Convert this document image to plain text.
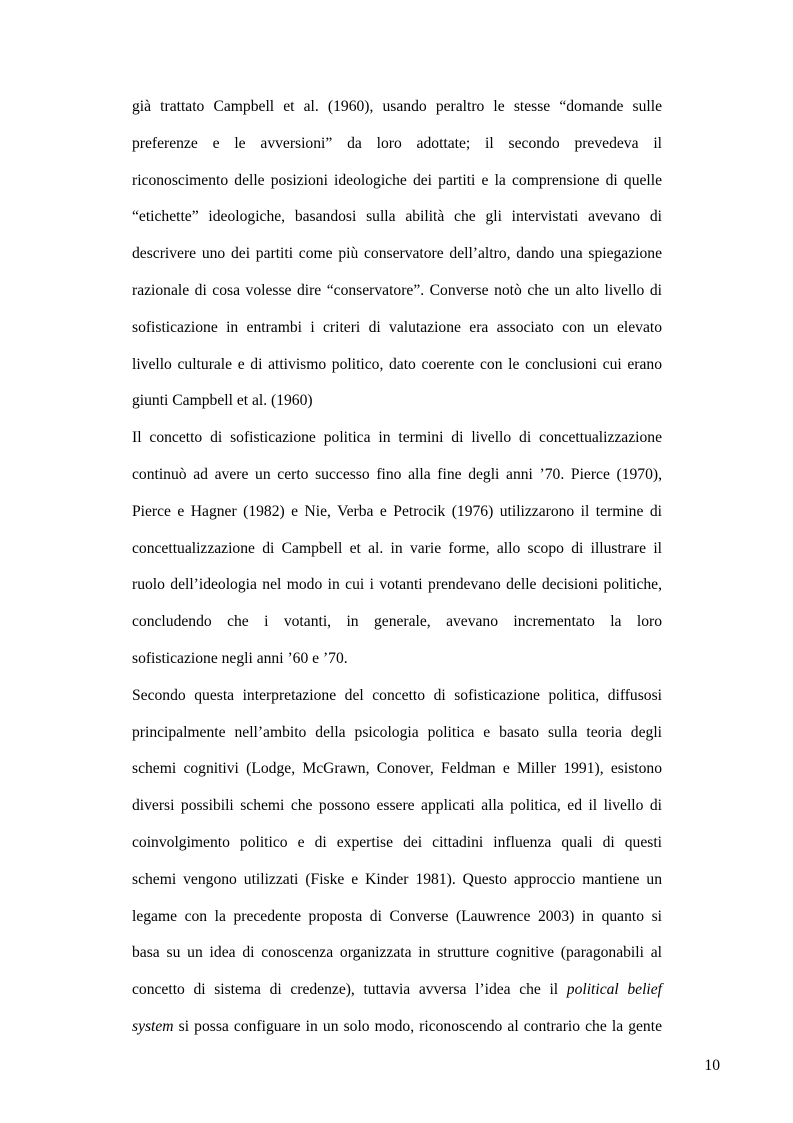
già trattato Campbell et al. (1960), usando peraltro le stesse “domande sulle
preferenze e le avversioni” da loro adottate; il secondo prevedeva il
riconoscimento delle posizioni ideologiche dei partiti e la comprensione di quelle
“etichette” ideologiche, basandosi sulla abilità che gli intervistati avevano di
descrivere uno dei partiti come più conservatore dell’altro, dando una spiegazione
razionale di cosa volesse dire “conservatore”. Converse notò che un alto livello di
sofisticazione in entrambi i criteri di valutazione era associato con un elevato
livello culturale e di attivismo politico, dato coerente con le conclusioni cui erano
giunti Campbell et al. (1960)
Il concetto di sofisticazione politica in termini di livello di concettualizzazione
continuò ad avere un certo successo fino alla fine degli anni ’70. Pierce (1970),
Pierce e Hagner (1982) e Nie, Verba e Petrocik (1976) utilizzarono il termine di
concettualizzazione di Campbell et al. in varie forme, allo scopo di illustrare il
ruolo dell’ideologia nel modo in cui i votanti prendevano delle decisioni politiche,
concludendo che i votanti, in generale, avevano incrementato la loro
sofisticazione negli anni ’60 e ’70.
Secondo questa interpretazione del concetto di sofisticazione politica, diffusosi
principalmente nell’ambito della psicologia politica e basato sulla teoria degli
schemi cognitivi (Lodge, McGrawn, Conover, Feldman e Miller 1991), esistono
diversi possibili schemi che possono essere applicati alla politica, ed il livello di
coinvolgimento politico e di expertise dei cittadini influenza quali di questi
schemi vengono utilizzati (Fiske e Kinder 1981). Questo approccio mantiene un
legame con la precedente proposta di Converse (Lauwrence 2003) in quanto si
basa su un idea di conoscenza organizzata in strutture cognitive (paragonabili al
concetto di sistema di credenze), tuttavia avversa l’idea che il political belief
system si possa configuare in un solo modo, riconoscendo al contrario che la gente
10
